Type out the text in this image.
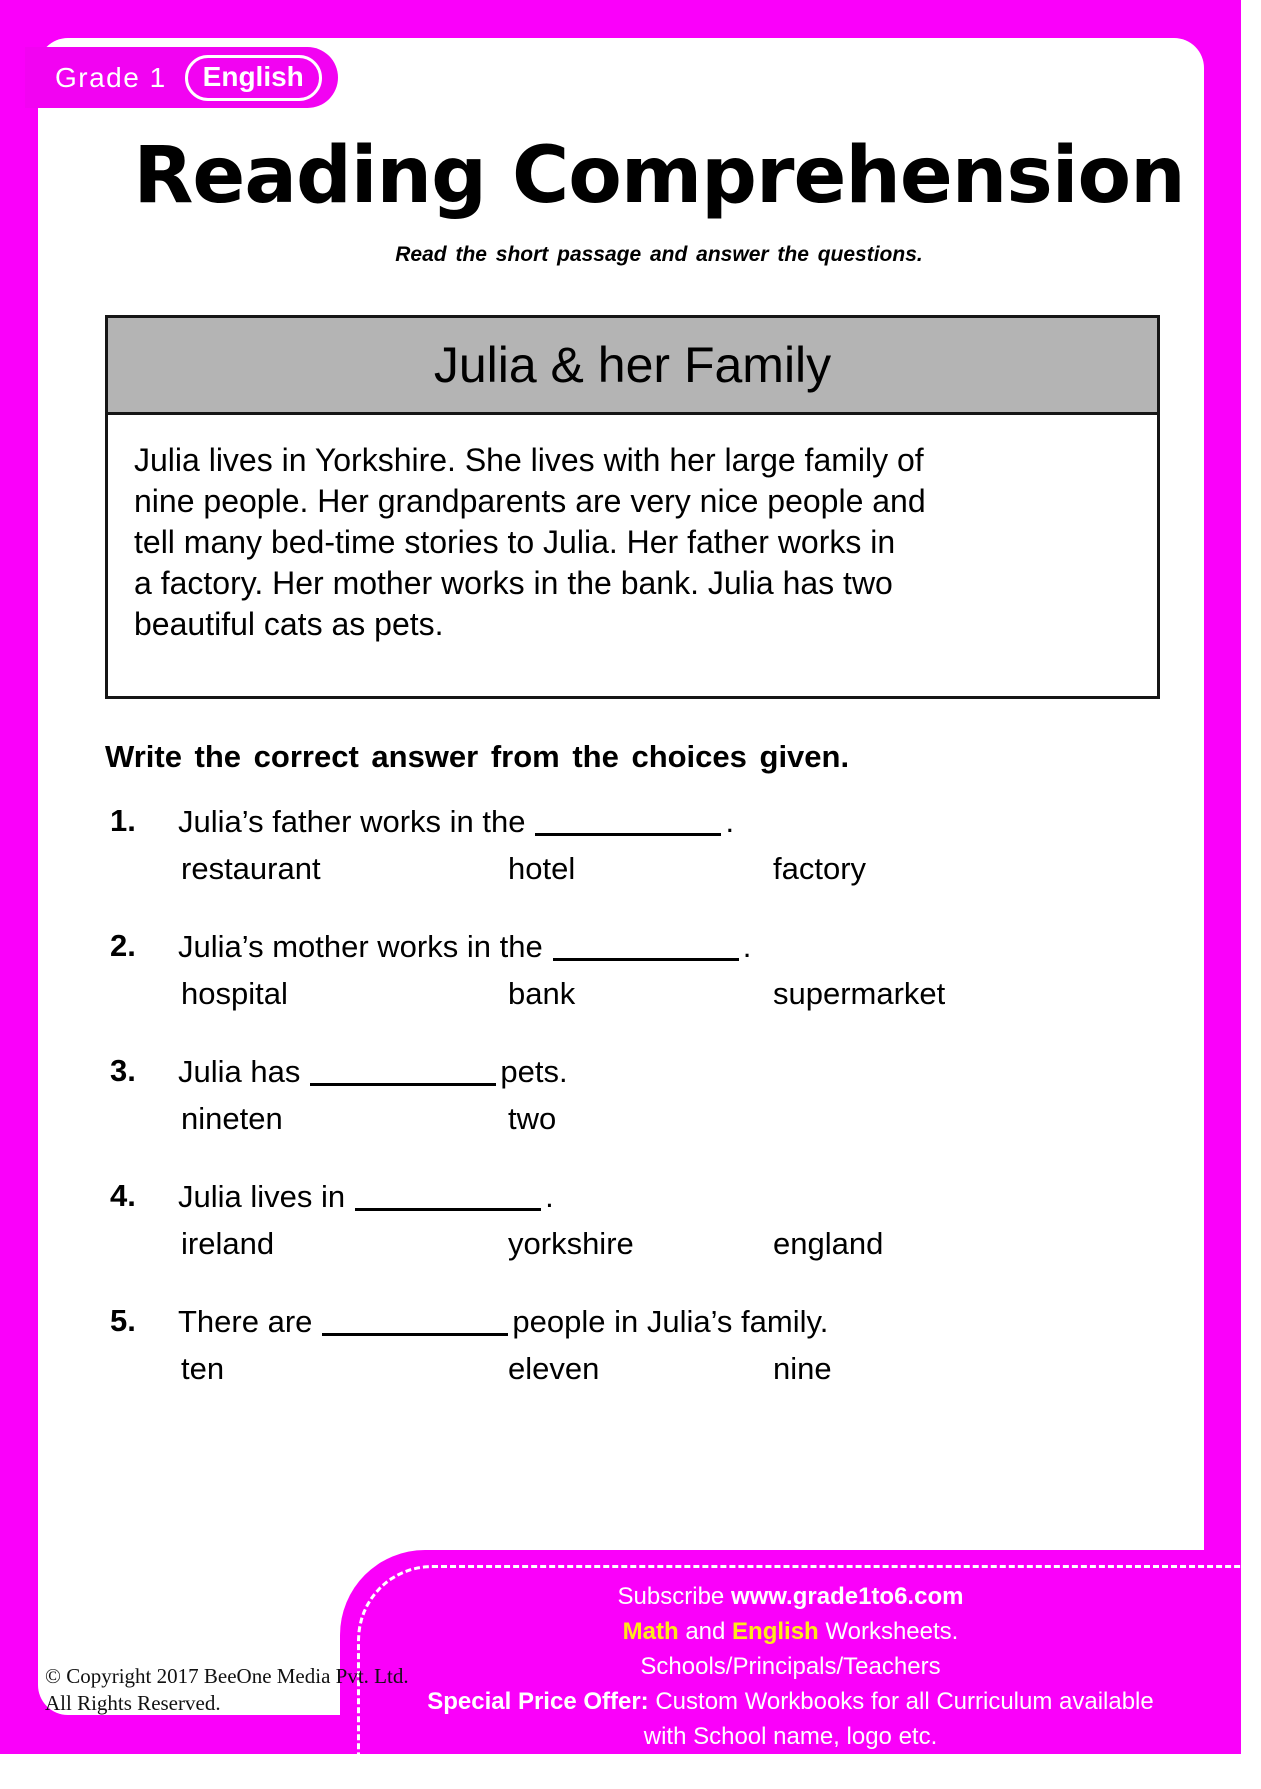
Reading Comprehension
Read the short passage and answer the questions.
Julia & her Family
Julia lives in Yorkshire. She lives with her large family of
nine people. Her grandparents are very nice people and
tell many bed-time stories to Julia. Her father works in
a factory. Her mother works in the bank. Julia has two
beautiful cats as pets.
Write the correct answer from the choices given.
1.	Julia’s father works in the	.
restaurant	hotel	factory
2.	Julia’s mother works in the	.
hospital	bank	supermarket
3.	Julia has	pets.
nineten	two
4.	Julia lives in	.
ireland	yorkshire	england
5.	There are	people in Julia’s family.
ten	eleven	nine
Grade 1	English
Subscribe www.grade1to6.com
Math and English Worksheets.
Schools/Principals/Teachers
Special Price Offer: Custom Workbooks for all Curriculum available
with School name, logo etc.
Email us: info@grade1to6.com
© Copyright 2017 BeeOne Media Pvt. Ltd.
All Rights Reserved.
